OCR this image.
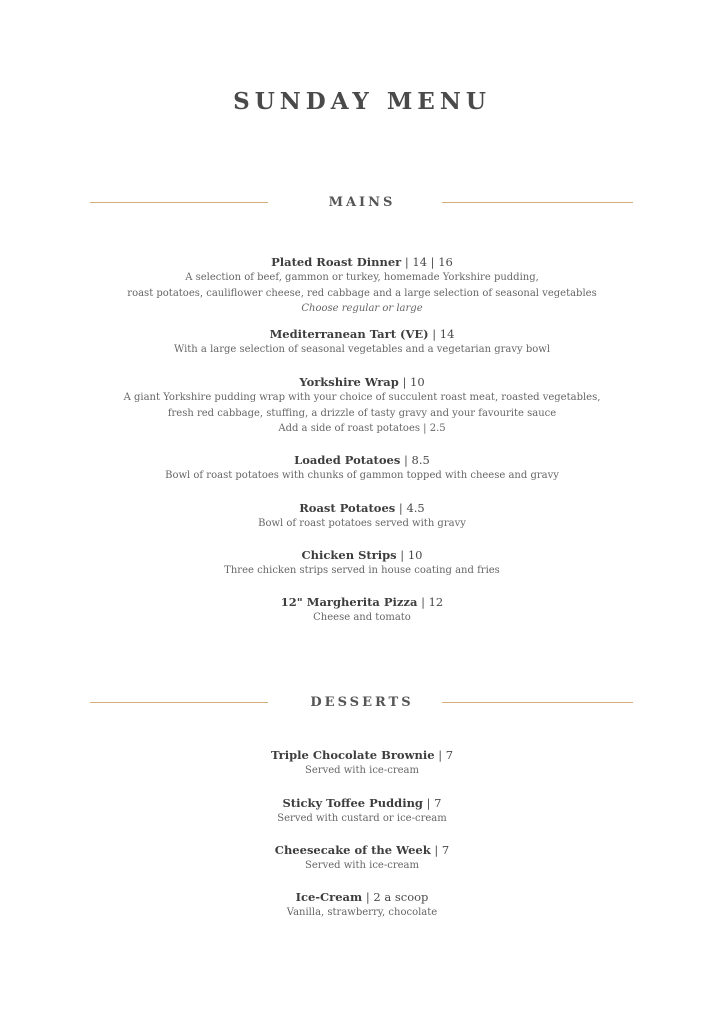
SUNDAY MENU
MAINS
Plated Roast Dinner | 14 | 16
A selection of beef, gammon or turkey, homemade Yorkshire pudding,
roast potatoes, cauliflower cheese, red cabbage and a large selection of seasonal vegetables
Choose regular or large
Mediterranean Tart (VE) | 14
With a large selection of seasonal vegetables and a vegetarian gravy bowl
Yorkshire Wrap | 10
A giant Yorkshire pudding wrap with your choice of succulent roast meat, roasted vegetables,
fresh red cabbage, stuffing, a drizzle of tasty gravy and your favourite sauce
Add a side of roast potatoes | 2.5
Loaded Potatoes | 8.5
Bowl of roast potatoes with chunks of gammon topped with cheese and gravy
Roast Potatoes | 4.5
Bowl of roast potatoes served with gravy
Chicken Strips | 10
Three chicken strips served in house coating and fries
12" Margherita Pizza | 12
Cheese and tomato
DESSERTS
Triple Chocolate Brownie | 7
Served with ice-cream
Sticky Toffee Pudding | 7
Served with custard or ice-cream
Cheesecake of the Week | 7
Served with ice-cream
Ice-Cream | 2 a scoop
Vanilla, strawberry, chocolate
